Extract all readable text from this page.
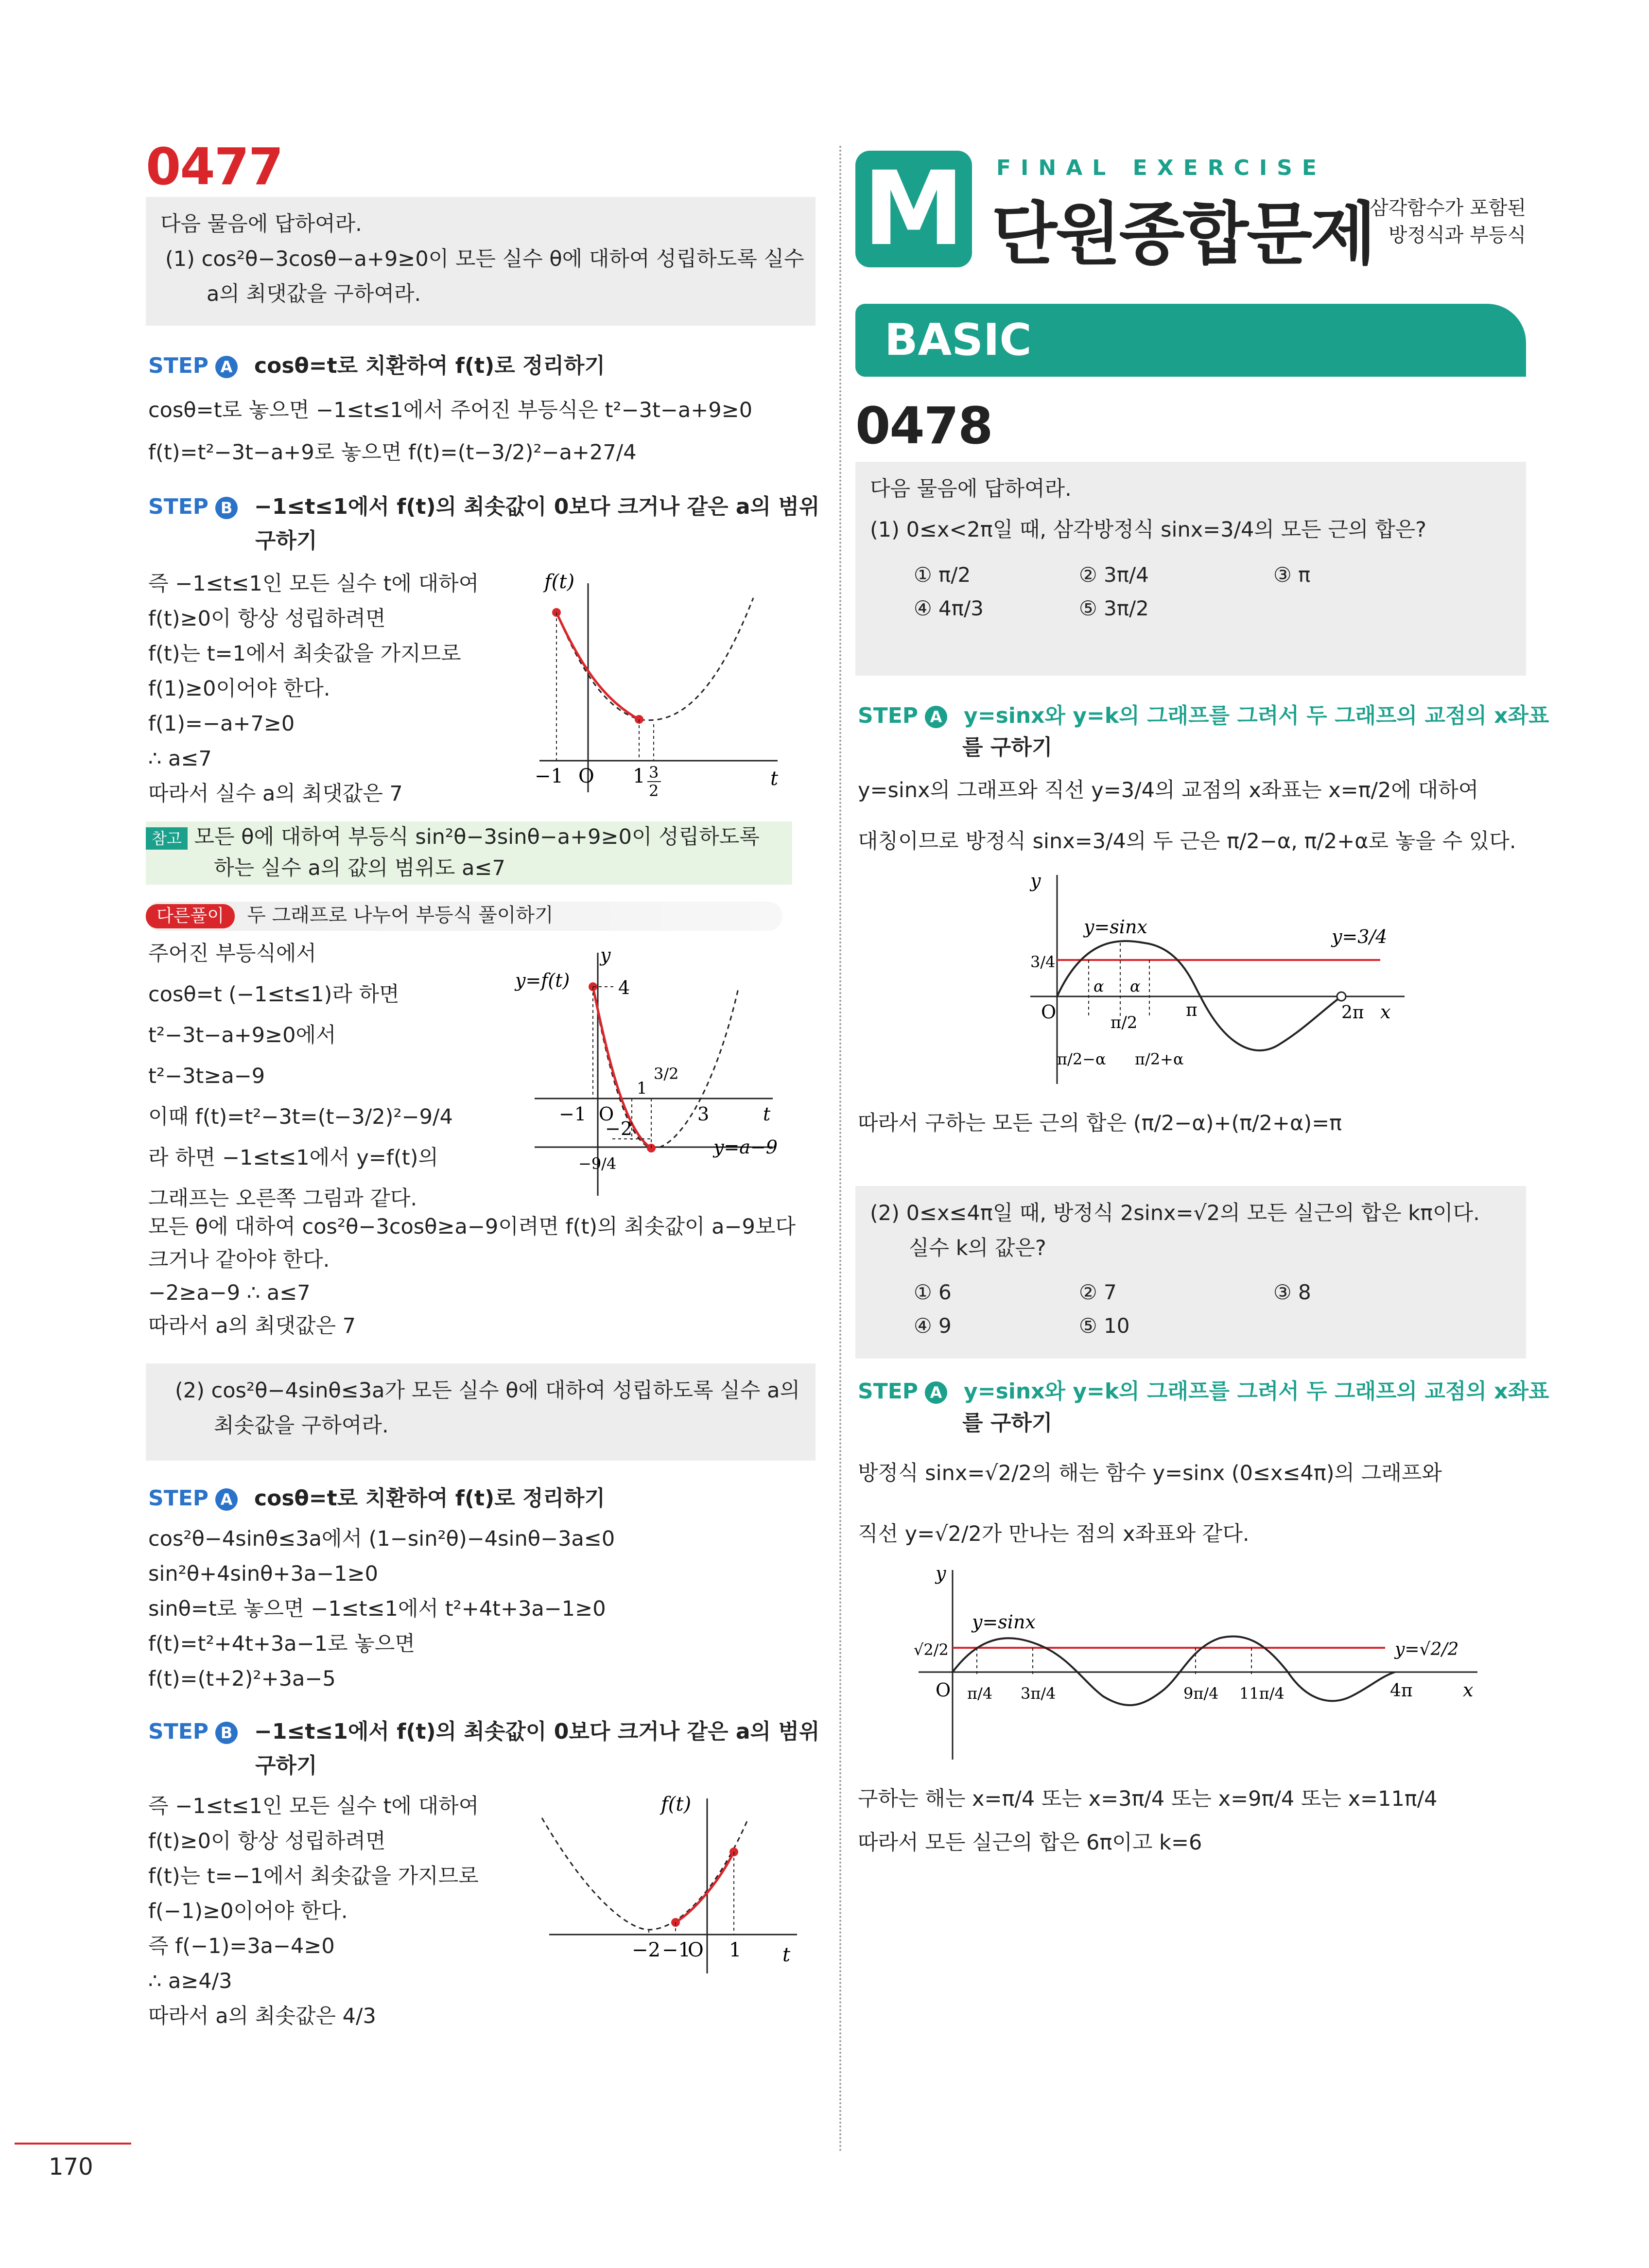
0477
다음 물음에 답하여라.
(1) cos²θ−3cosθ−a+9≥0이 모든 실수 θ에 대하여 성립하도록 실수
a의 최댓값을 구하여라.
STEP A cosθ=t로 치환하여 f(t)로 정리하기
cosθ=t로 놓으면 −1≤t≤1에서 주어진 부등식은 t²−3t−a+9≥0
f(t)=t²−3t−a+9로 놓으면 f(t)=(t−3/2)²−a+27/4
STEP B −1≤t≤1에서 f(t)의 최솟값이 0보다 크거나 같은 a의 범위
구하기
즉 −1≤t≤1인 모든 실수 t에 대하여
f(t)≥0이 항상 성립하려면
f(t)는 t=1에서 최솟값을 가지므로
f(1)≥0이어야 한다.
f(1)=−a+7≥0
∴ a≤7
따라서 실수 a의 최댓값은 7
f(t)
t
−1 O 1 3
2
참고 모든 θ에 대하여 부등식 sin²θ−3sinθ−a+9≥0이 성립하도록
하는 실수 a의 값의 범위도 a≤7
다른풀이 두 그래프로 나누어 부등식 풀이하기
주어진 부등식에서
cosθ=t (−1≤t≤1)라 하면
t²−3t−a+9≥0에서
t²−3t≥a−9
이때 f(t)=t²−3t=(t−3/2)²−9/4
라 하면 −1≤t≤1에서 y=f(t)의
그래프는 오른쪽 그림과 같다.
y
y=f(t)	4
−1 O
1
3/2
3	t
−2
−9/4
y=a−9
모든 θ에 대하여 cos²θ−3cosθ≥a−9이려면 f(t)의 최솟값이 a−9보다
크거나 같아야 한다.
−2≥a−9 ∴ a≤7
따라서 a의 최댓값은 7
(2) cos²θ−4sinθ≤3a가 모든 실수 θ에 대하여 성립하도록 실수 a의
최솟값을 구하여라.
STEP A cosθ=t로 치환하여 f(t)로 정리하기
cos²θ−4sinθ≤3a에서 (1−sin²θ)−4sinθ−3a≤0
sin²θ+4sinθ+3a−1≥0
sinθ=t로 놓으면 −1≤t≤1에서 t²+4t+3a−1≥0
f(t)=t²+4t+3a−1로 놓으면
f(t)=(t+2)²+3a−5
STEP B −1≤t≤1에서 f(t)의 최솟값이 0보다 크거나 같은 a의 범위
구하기
즉 −1≤t≤1인 모든 실수 t에 대하여
f(t)≥0이 항상 성립하려면
f(t)는 t=−1에서 최솟값을 가지므로
f(−1)≥0이어야 한다.
즉 f(−1)=3a−4≥0
∴ a≥4/3
따라서 a의 최솟값은 4/3
f(t)
t
−2 −1
O 1
M	FINAL EXERCISE
단원종합문제
삼각함수가 포함된
방정식과 부등식
BASIC
0478
다음 물음에 답하여라.
(1) 0≤x<2π일 때, 삼각방정식 sinx=3/4의 모든 근의 합은?
① π/2	② 3π/4	③ π
④ 4π/3	⑤ 3π/2
STEP A y=sinx와 y=k의 그래프를 그려서 두 그래프의 교점의 x좌표
를 구하기
y=sinx의 그래프와 직선 y=3/4의 교점의 x좌표는 x=π/2에 대하여
대칭이므로 방정식 sinx=3/4의 두 근은 π/2−α, π/2+α로 놓을 수 있다.
y
x
y=sinx	y=3/4
3/4
O
α α
π/2
π	2π
π/2−α π/2+α
따라서 구하는 모든 근의 합은 (π/2−α)+(π/2+α)=π
(2) 0≤x≤4π일 때, 방정식 2sinx=√2의 모든 실근의 합은 kπ이다.
실수 k의 값은?
① 6	② 7	③ 8
④ 9	⑤ 10
STEP A y=sinx와 y=k의 그래프를 그려서 두 그래프의 교점의 x좌표
를 구하기
방정식 sinx=√2/2의 해는 함수 y=sinx (0≤x≤4π)의 그래프와
직선 y=√2/2가 만나는 점의 x좌표와 같다.
y
x
y=sinx
y=√2/2
√2/2
O π/4 3π/4	9π/4 11π/4	4π
구하는 해는 x=π/4 또는 x=3π/4 또는 x=9π/4 또는 x=11π/4
따라서 모든 실근의 합은 6π이고 k=6
170
